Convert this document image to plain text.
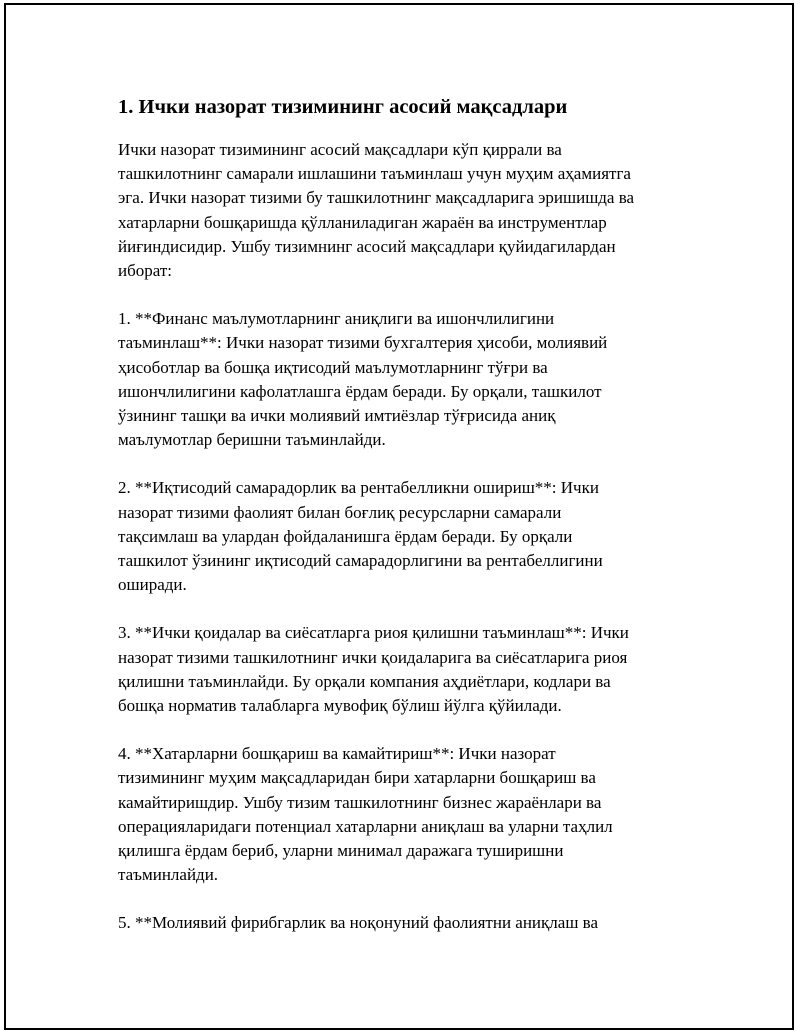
1. Ички назорат тизимининг асосий мақсадлари

Ички назорат тизимининг асосий мақсадлари кўп қиррали ва
ташкилотнинг самарали ишлашини таъминлаш учун муҳим аҳамиятга
эга. Ички назорат тизими бу ташкилотнинг мақсадларига эришишда ва
хатарларни бошқаришда қўлланиладиган жараён ва инструментлар
йиғиндисидир. Ушбу тизимнинг асосий мақсадлари қуйидагилардан
иборат:

1. **Финанс маълумотларнинг аниқлиги ва ишончлилигини
таъминлаш**: Ички назорат тизими бухгалтерия ҳисоби, молиявий
ҳисоботлар ва бошқа иқтисодий маълумотларнинг тўғри ва
ишончлилигини кафолатлашга ёрдам беради. Бу орқали, ташкилот
ўзининг ташқи ва ички молиявий имтиёзлар тўғрисида аниқ
маълумотлар беришни таъминлайди.

2. **Иқтисодий самарадорлик ва рентабелликни ошириш**: Ички
назорат тизими фаолият билан боғлиқ ресурсларни самарали
тақсимлаш ва улардан фойдаланишга ёрдам беради. Бу орқали
ташкилот ўзининг иқтисодий самарадорлигини ва рентабеллигини
оширади.

3. **Ички қоидалар ва сиёсатларга риоя қилишни таъминлаш**: Ички
назорат тизими ташкилотнинг ички қоидаларига ва сиёсатларига риоя
қилишни таъминлайди. Бу орқали компания аҳдиётлари, кодлари ва
бошқа норматив талабларга мувофиқ бўлиш йўлга қўйилади.

4. **Хатарларни бошқариш ва камайтириш**: Ички назорат
тизимининг муҳим мақсадларидан бири хатарларни бошқариш ва
камайтиришдир. Ушбу тизим ташкилотнинг бизнес жараёнлари ва
операцияларидаги потенциал хатарларни аниқлаш ва уларни таҳлил
қилишга ёрдам бериб, уларни минимал даражага туширишни
таъминлайди.

5. **Молиявий фирибгарлик ва ноқонуний фаолиятни аниқлаш ва
